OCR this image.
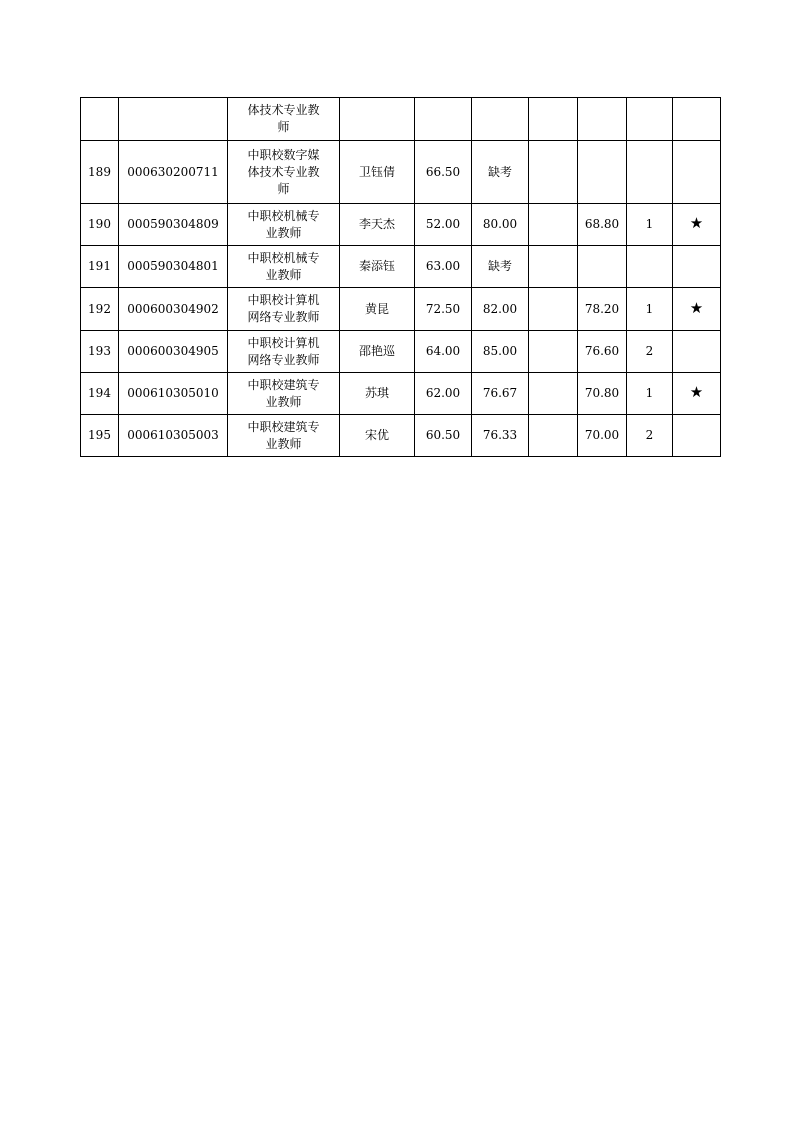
		体技术专业教
师							

189	000630200711	中职校数字媒
体技术专业教
师	卫钰倩	66.50	缺考				
190	000590304809	中职校机械专
业教师	李天杰	52.00	80.00		68.80	1	★
191	000590304801	中职校机械专
业教师	秦添钰	63.00	缺考				
192	000600304902	中职校计算机
网络专业教师	黄昆	72.50	82.00		78.20	1	★
193	000600304905	中职校计算机
网络专业教师	邵艳巡	64.00	85.00		76.60	2	
194	000610305010	中职校建筑专
业教师	苏琪	62.00	76.67		70.80	1	★
195	000610305003	中职校建筑专
业教师	宋优	60.50	76.33		70.00	2	
